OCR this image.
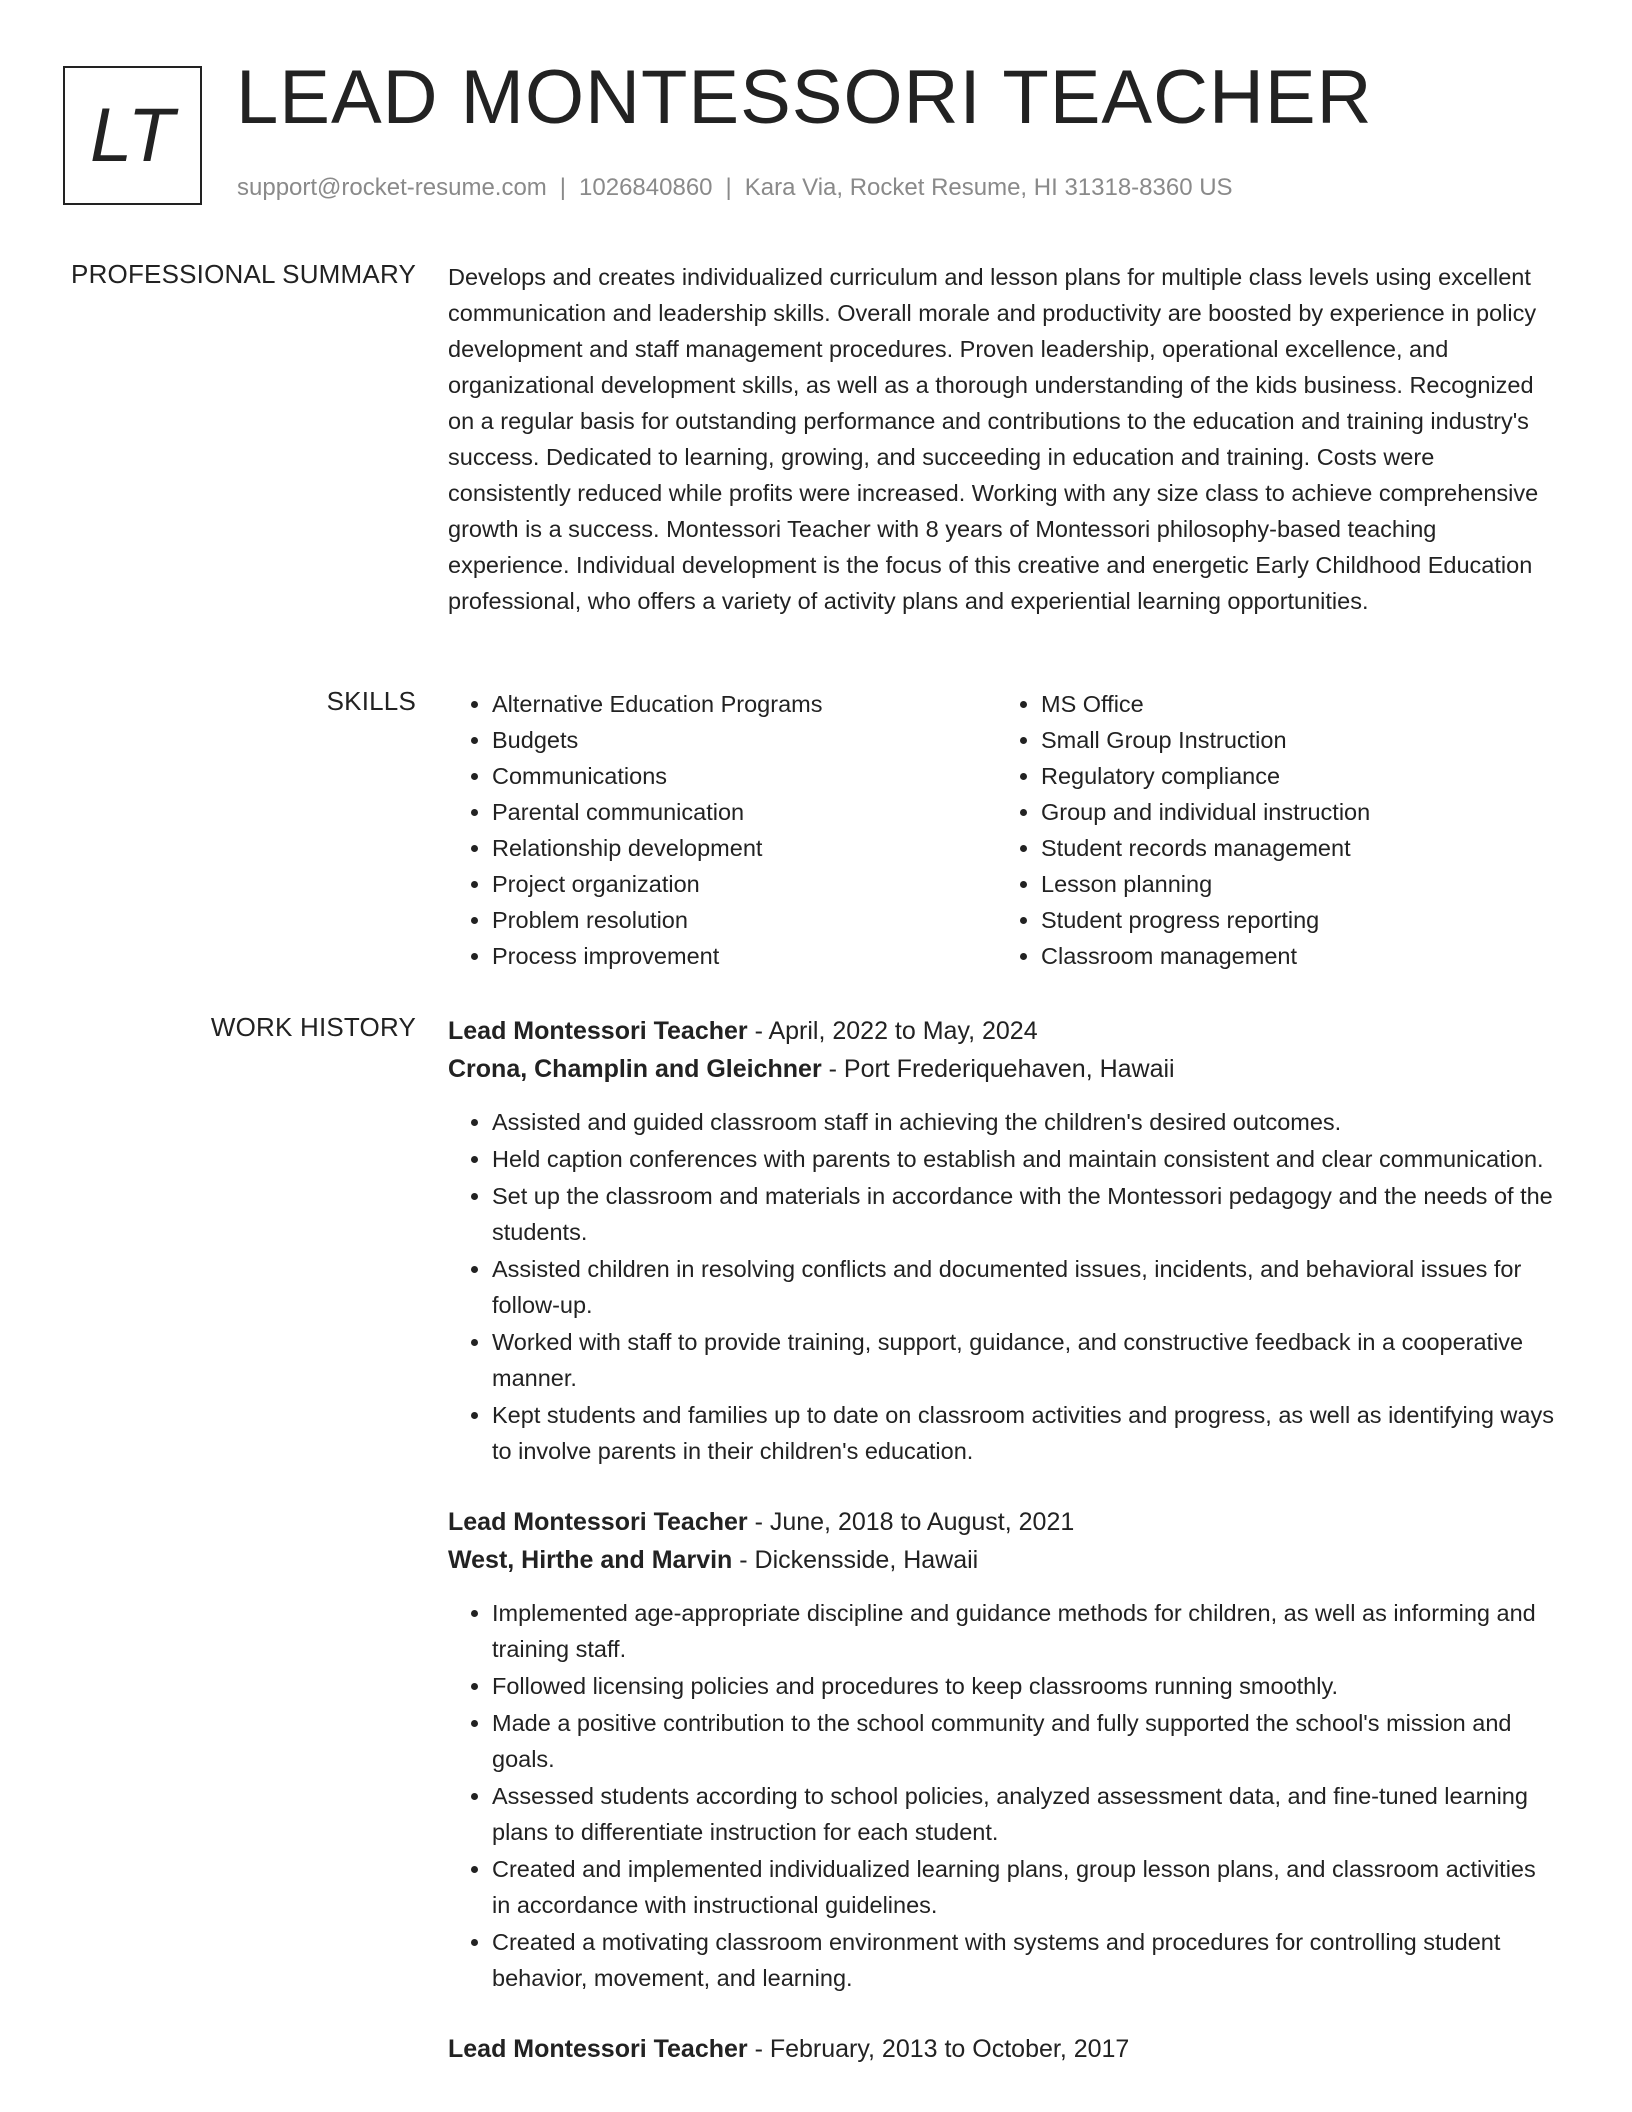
LT LEAD MONTESSORI TEACHER
support@rocket-resume.com | 1026840860 | Kara Via, Rocket Resume, HI 31318-8360 US
PROFESSIONAL SUMMARY Develops and creates individualized curriculum and lesson plans for multiple class levels using excellent communication and leadership skills. Overall morale and productivity are boosted by experience in policy development and staff management procedures. Proven leadership, operational excellence, and organizational development skills, as well as a thorough understanding of the kids business. Recognized on a regular basis for outstanding performance and contributions to the education and training industry's success. Dedicated to learning, growing, and succeeding in education and training. Costs were consistently reduced while profits were increased. Working with any size class to achieve comprehensive growth is a success. Montessori Teacher with 8 years of Montessori philosophy-based teaching experience. Individual development is the focus of this creative and energetic Early Childhood Education professional, who offers a variety of activity plans and experiential learning opportunities.

SKILLS
•	Alternative Education Programs
• Budgets
• Communications
• Parental communication
• Relationship development
• Project organization
• Problem resolution
• Process improvement
• MS Office
• Small Group Instruction
• Regulatory compliance
• Group and individual instruction
• Student records management
• Lesson planning
• Student progress reporting
• Classroom management
WORK HISTORY Lead Montessori Teacher - April, 2022 to May, 2024
Crona, Champlin and Gleichner - Port Frederiquehaven, Hawaii
• Assisted and guided classroom staff in achieving the children's desired outcomes.
• Held caption conferences with parents to establish and maintain consistent and clear communication.
• Set up the classroom and materials in accordance with the Montessori pedagogy and the needs of the students.
• Assisted children in resolving conflicts and documented issues, incidents, and behavioral issues for follow-up.
• Worked with staff to provide training, support, guidance, and constructive feedback in a cooperative manner.
• Kept students and families up to date on classroom activities and progress, as well as identifying ways to involve parents in their children's education.
Lead Montessori Teacher - June, 2018 to August, 2021
West, Hirthe and Marvin - Dickensside, Hawaii
• Implemented age-appropriate discipline and guidance methods for children, as well as informing and training staff.
• Followed licensing policies and procedures to keep classrooms running smoothly.
• Made a positive contribution to the school community and fully supported the school's mission and goals.
• Assessed students according to school policies, analyzed assessment data, and fine-tuned learning plans to differentiate instruction for each student.
• Created and implemented individualized learning plans, group lesson plans, and classroom activities in accordance with instructional guidelines.
• Created a motivating classroom environment with systems and procedures for controlling student behavior, movement, and learning.
Lead Montessori Teacher - February, 2013 to October, 2017
